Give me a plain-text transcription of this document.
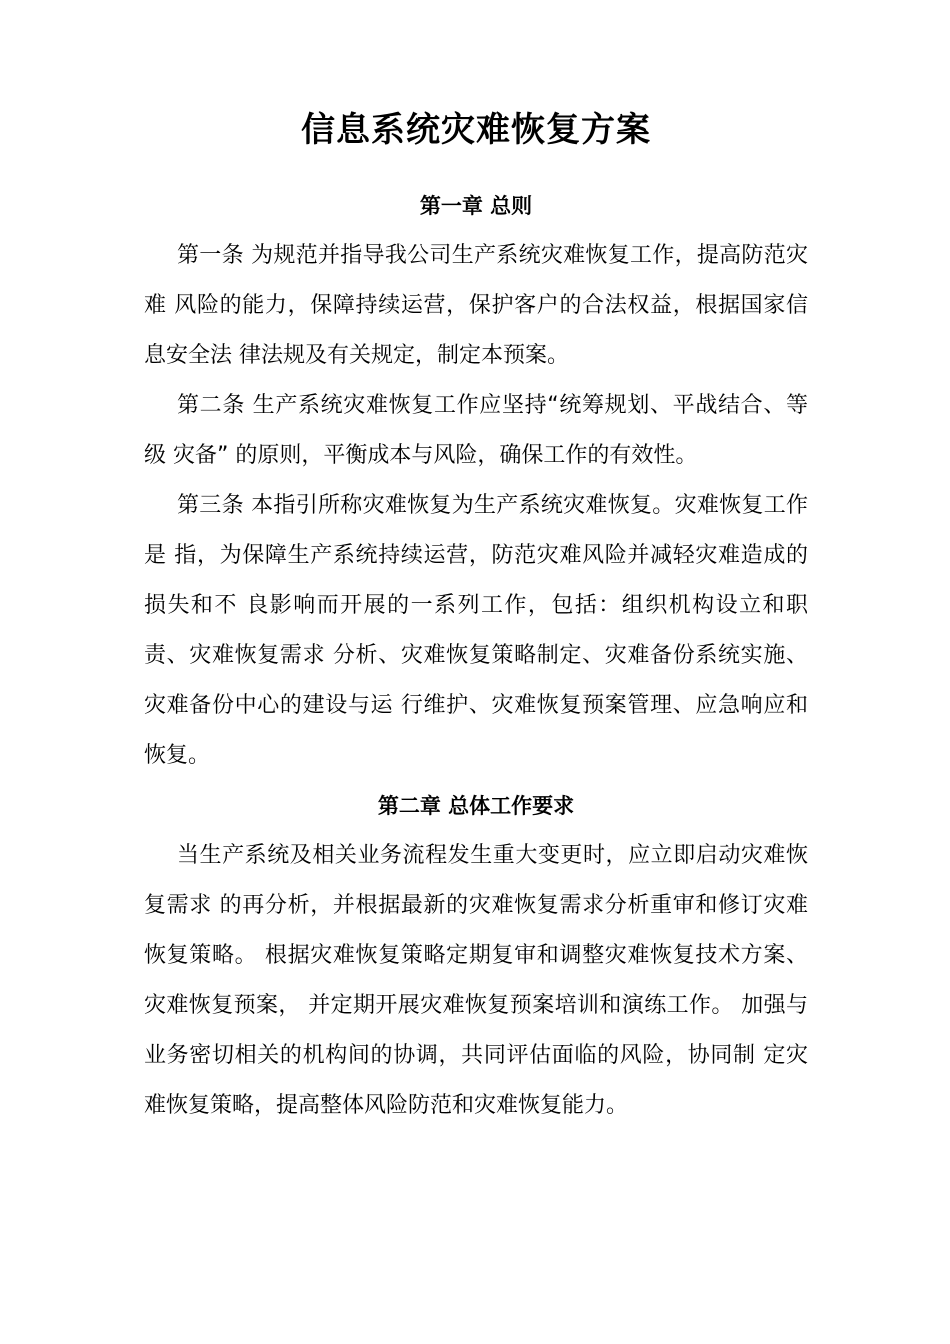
信息系统灾难恢复方案
第一章 总则

第一条 为规范并指导我公司生产系统灾难恢复工作，提高防范灾难 风险的能力，保障持续运营，保护客户的合法权益，根据国家信息安全法 律法规及有关规定，制定本预案。

第二条 生产系统灾难恢复工作应坚持“统筹规划、平战结合、等级 灾备” 的原则，平衡成本与风险，确保工作的有效性。

第三条 本指引所称灾难恢复为生产系统灾难恢复。灾难恢复工作是 指，为保障生产系统持续运营，防范灾难风险并减轻灾难造成的损失和不 良影响而开展的一系列工作，包括：组织机构设立和职责、灾难恢复需求 分析、灾难恢复策略制定、灾难备份系统实施、灾难备份中心的建设与运 行维护、灾难恢复预案管理、应急响应和恢复。

第二章 总体工作要求

当生产系统及相关业务流程发生重大变更时，应立即启动灾难恢复需求 的再分析，并根据最新的灾难恢复需求分析重审和修订灾难恢复策略。 根据灾难恢复策略定期复审和调整灾难恢复技术方案、灾难恢复预案， 并定期开展灾难恢复预案培训和演练工作。 加强与业务密切相关的机构间的协调，共同评估面临的风险，协同制 定灾难恢复策略，提高整体风险防范和灾难恢复能力。
